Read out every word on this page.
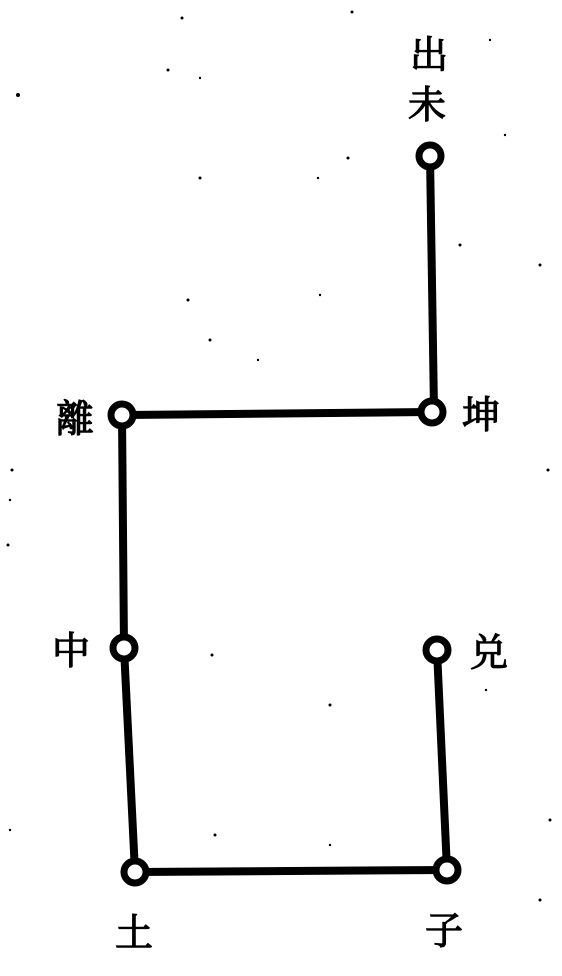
出
未
坤
離
中	兑
土	子
